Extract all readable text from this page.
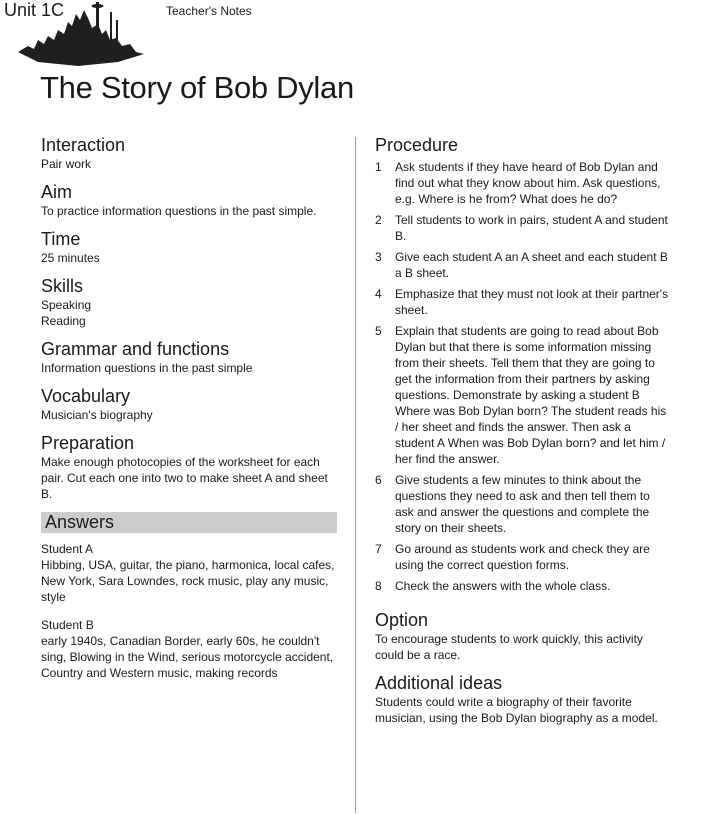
Unit 1C	Teacher's Notes
The Story of Bob Dylan

Interaction

Pair work

Aim

To practice information questions in the past simple.

Time

25 minutes

Skills

Speaking

Reading

Grammar and functions

Information questions in the past simple

Vocabulary

Musician's biography

Preparation

Make enough photocopies of the worksheet for each pair. Cut each one into two to make sheet A and sheet B.

Answers

Student A

Hibbing, USA, guitar, the piano, harmonica, local cafes, New York, Sara Lowndes, rock music, play any music, style

Student B

early 1940s, Canadian Border, early 60s, he couldn't sing, Blowing in the Wind, serious motorcycle accident, Country and Western music, making records

Procedure

1 Ask students if they have heard of Bob Dylan and find out what they know about him. Ask questions, e.g. Where is he from? What does he do?
2 Tell students to work in pairs, student A and student B.
3 Give each student A an A sheet and each student B a B sheet.
4 Emphasize that they must not look at their partner's sheet.
5 Explain that students are going to read about Bob Dylan but that there is some information missing from their sheets. Tell them that they are going to get the information from their partners by asking questions. Demonstrate by asking a student B Where was Bob Dylan born? The student reads his / her sheet and finds the answer. Then ask a student A When was Bob Dylan born? and let him / her find the answer.
6 Give students a few minutes to think about the questions they need to ask and then tell them to ask and answer the questions and complete the story on their sheets.
7 Go around as students work and check they are using the correct question forms.
8 Check the answers with the whole class.

Option

To encourage students to work quickly, this activity could be a race.

Additional ideas

Students could write a biography of their favorite musician, using the Bob Dylan biography as a model.
